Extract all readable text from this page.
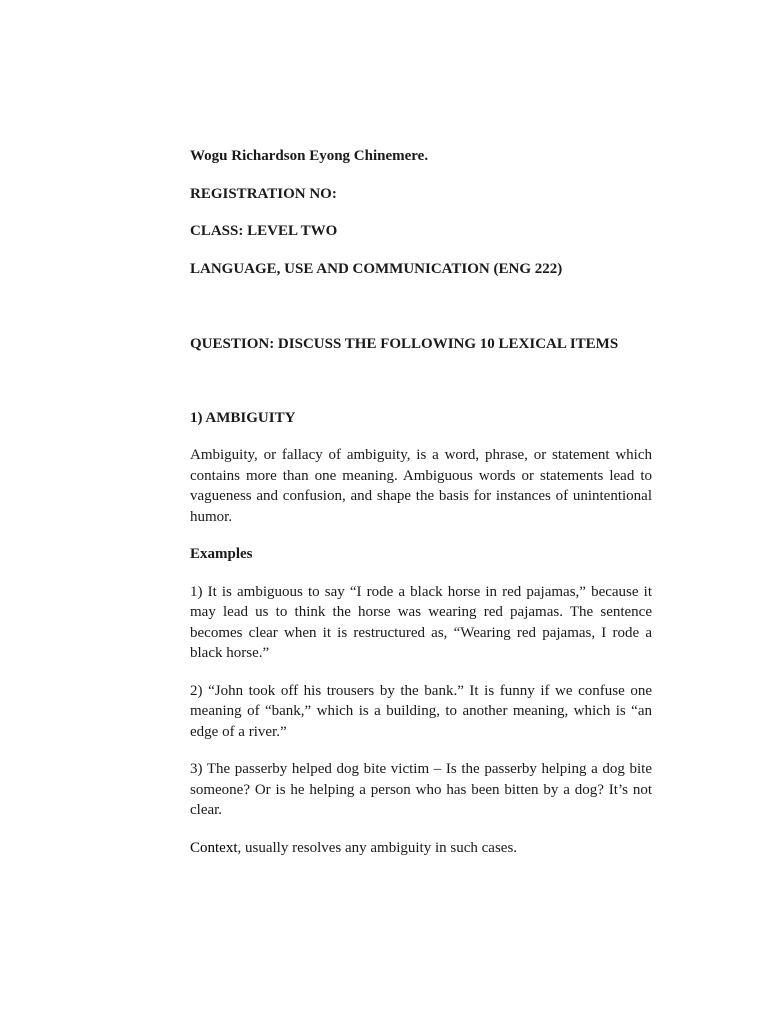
Wogu Richardson Eyong Chinemere.

REGISTRATION NO:

CLASS: LEVEL TWO

LANGUAGE, USE AND COMMUNICATION (ENG 222)

QUESTION: DISCUSS THE FOLLOWING 10 LEXICAL ITEMS

1) AMBIGUITY

Ambiguity, or fallacy of ambiguity, is a word, phrase, or statement which contains more than one meaning. Ambiguous words or statements lead to vagueness and confusion, and shape the basis for instances of unintentional humor.

Examples

1) It is ambiguous to say “I rode a black horse in red pajamas,” because it may lead us to think the horse was wearing red pajamas. The sentence becomes clear when it is restructured as, “Wearing red pajamas, I rode a black horse.”

2) “John took off his trousers by the bank.” It is funny if we confuse one meaning of “bank,” which is a building, to another meaning, which is “an edge of a river.”

3) The passerby helped dog bite victim – Is the passerby helping a dog bite someone? Or is he helping a person who has been bitten by a dog? It’s not clear.

Context, usually resolves any ambiguity in such cases.
